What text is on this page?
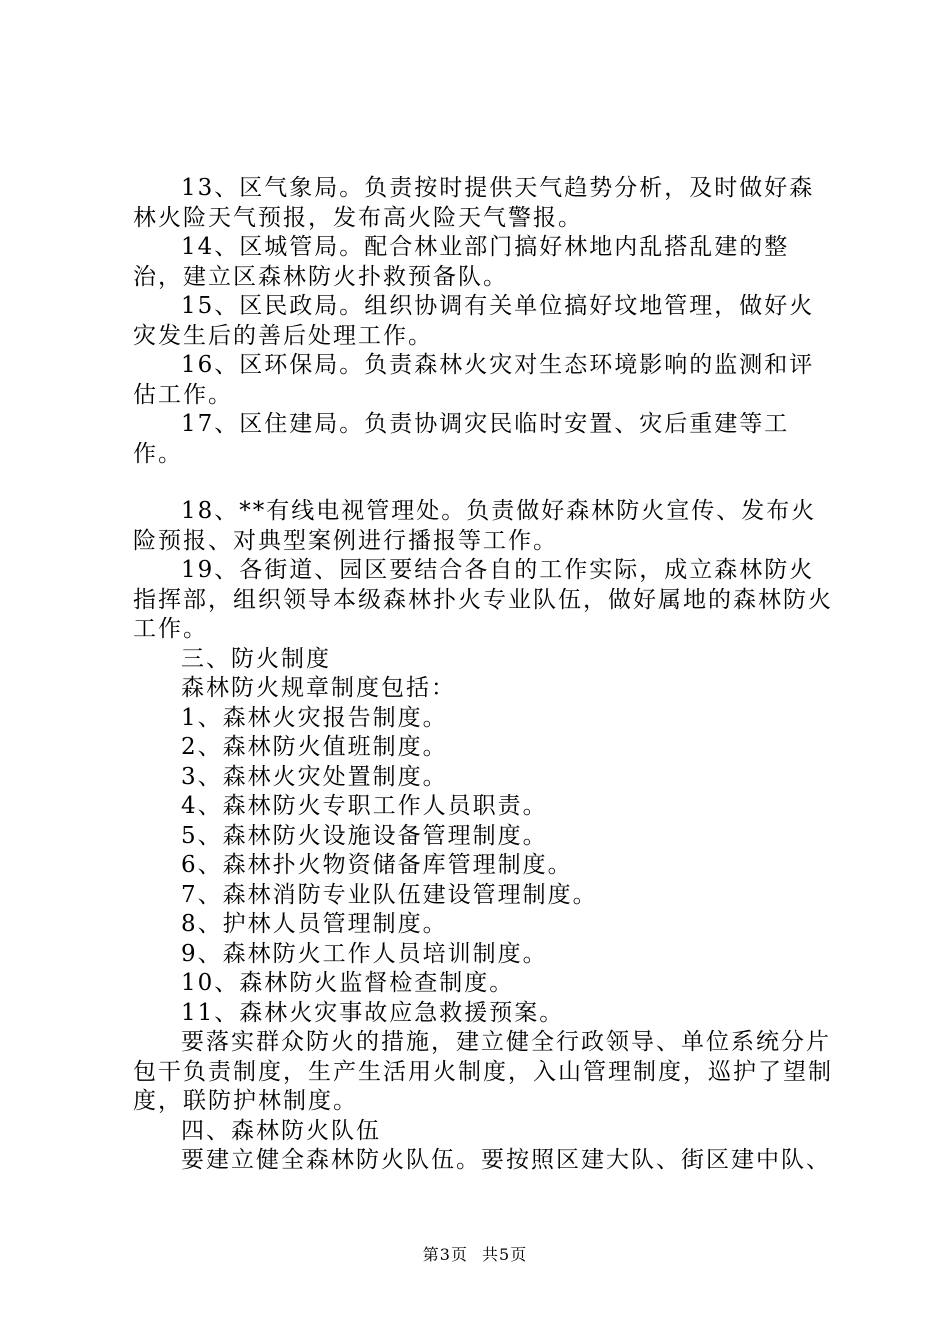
13、区气象局。负责按时提供天气趋势分析，及时做好森林火险天气预报，发布高火险天气警报。

14、区城管局。配合林业部门搞好林地内乱搭乱建的整治，建立区森林防火扑救预备队。

15、区民政局。组织协调有关单位搞好坟地管理，做好火灾发生后的善后处理工作。

16、区环保局。负责森林火灾对生态环境影响的监测和评估工作。

17、区住建局。负责协调灾民临时安置、灾后重建等工作。

18、**有线电视管理处。负责做好森林防火宣传、发布火险预报、对典型案例进行播报等工作。

19、各街道、园区要结合各自的工作实际，成立森林防火指挥部，组织领导本级森林扑火专业队伍，做好属地的森林防火工作。

三、防火制度

森林防火规章制度包括：

1、森林火灾报告制度。

2、森林防火值班制度。

3、森林火灾处置制度。

4、森林防火专职工作人员职责。

5、森林防火设施设备管理制度。

6、森林扑火物资储备库管理制度。

7、森林消防专业队伍建设管理制度。

8、护林人员管理制度。

9、森林防火工作人员培训制度。

10、森林防火监督检查制度。

11、森林火灾事故应急救援预案。

要落实群众防火的措施，建立健全行政领导、单位系统分片包干负责制度，生产生活用火制度，入山管理制度，巡护了望制度，联防护林制度。

四、森林防火队伍

要建立健全森林防火队伍。要按照区建大队、街区建中队、

第3页 共5页
